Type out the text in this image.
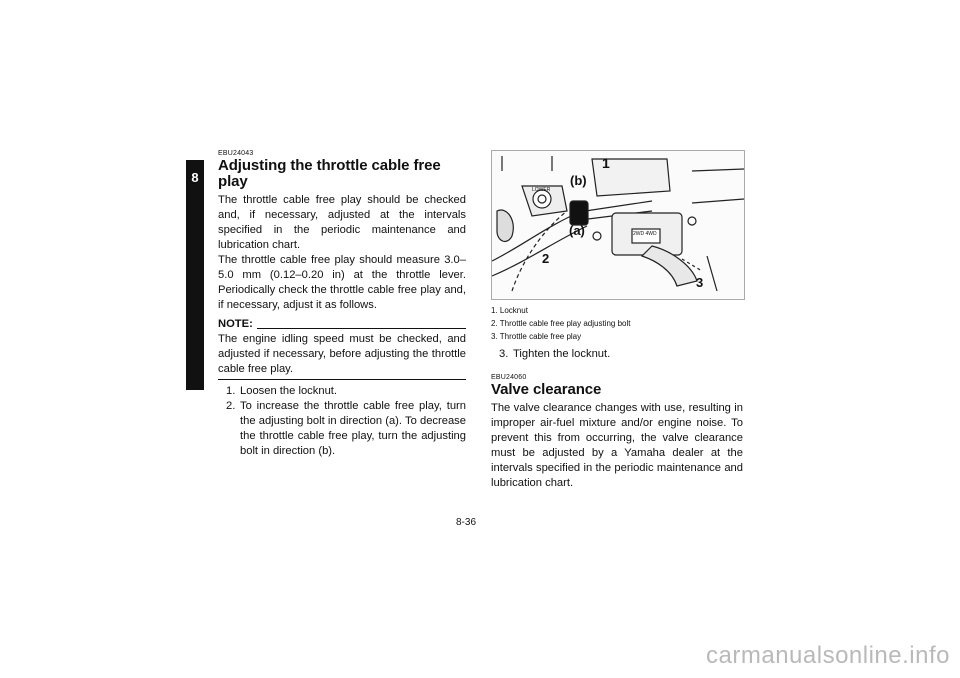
8
EBU24043
Adjusting the throttle cable free play

The throttle cable free play should be checked and, if necessary, adjusted at the intervals specified in the periodic maintenance and lubrication chart.

The throttle cable free play should measure 3.0–5.0 mm (0.12–0.20 in) at the throttle lever. Periodically check the throttle cable free play and, if necessary, adjust it as follows.

NOTE:

The engine idling speed must be checked, and adjusted if necessary, before adjusting the throttle cable free play.

1. Loosen the locknut.
2. To increase the throttle cable free play, turn the adjusting bolt in direction (a). To decrease the throttle cable free play, turn the adjusting bolt in direction (b).
1
(b)
(a)
2
3
LOWER
2WD 4WD
1. Locknut
2. Throttle cable free play adjusting bolt
3. Throttle cable free play
3. Tighten the locknut.
EBU24060
Valve clearance

The valve clearance changes with use, resulting in improper air-fuel mixture and/or engine noise. To prevent this from occurring, the valve clearance must be adjusted by a Yamaha dealer at the intervals specified in the periodic maintenance and lubrication chart.

8-36
carmanualsonline.info
